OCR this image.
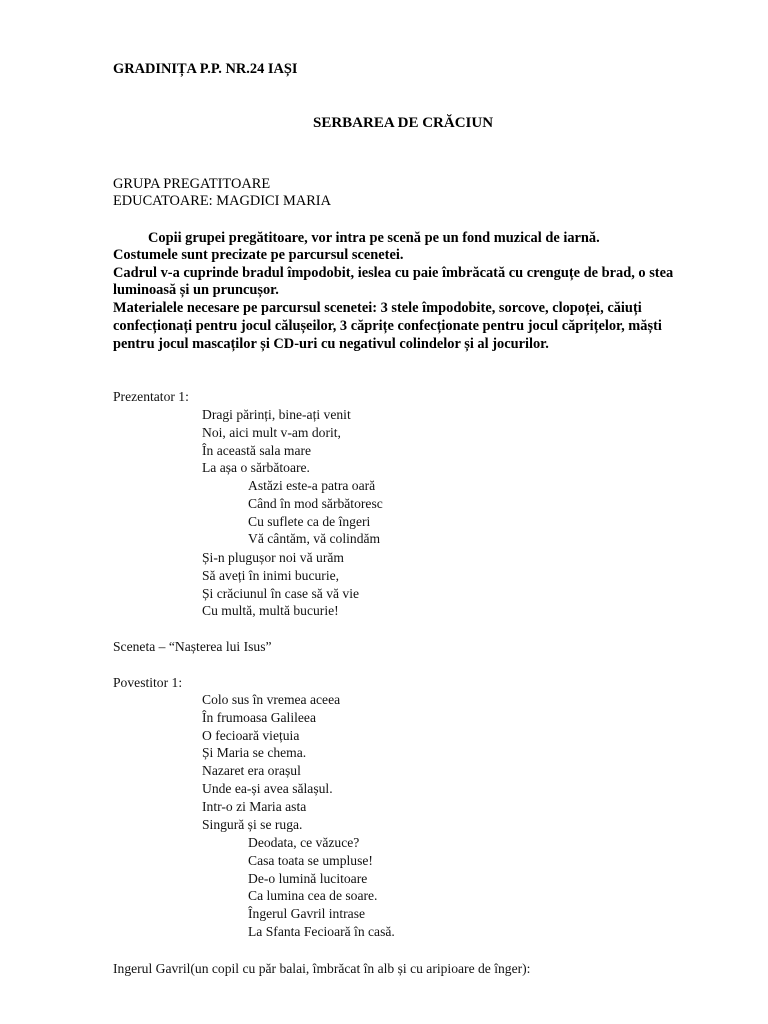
GRADINIȚA P.P. NR.24 IAȘI
SERBAREA DE CRĂCIUN
GRUPA PREGATITOARE
EDUCATOARE: MAGDICI MARIA
Copii grupei pregătitoare, vor intra pe scenă pe un fond muzical de iarnă.
Costumele sunt precizate pe parcursul scenetei.
Cadrul v-a cuprinde bradul împodobit, ieslea cu paie îmbrăcată cu crenguțe de brad, o stea
luminoasă și un pruncușor.
Materialele necesare pe parcursul scenetei: 3 stele împodobite, sorcove, clopoței, căiuți
confecționați pentru jocul călușeilor, 3 căprițe confecționate pentru jocul căprițelor, măști
pentru jocul mascaților și CD-uri cu negativul colindelor și al jocurilor.
Prezentator 1:
Dragi părinți, bine-ați venit
Noi, aici mult v-am dorit,
În această sala mare
La așa o sărbătoare.
Astăzi este-a patra oară
Când în mod sărbătoresc
Cu suflete ca de îngeri
Vă cântăm, vă colindăm
Și-n plugușor noi vă urăm
Să aveți în inimi bucurie,
Și crăciunul în case să vă vie
Cu multă, multă bucurie!
Sceneta – “Nașterea lui Isus”
Povestitor 1:
Colo sus în vremea aceea
În frumoasa Galileea
O fecioară viețuia
Și Maria se chema.
Nazaret era orașul
Unde ea-și avea sălașul.
Intr-o zi Maria asta
Singură și se ruga.
Deodata, ce văzuce?
Casa toata se umpluse!
De-o lumină lucitoare
Ca lumina cea de soare.
Îngerul Gavril intrase
La Sfanta Fecioară în casă.
Ingerul Gavril(un copil cu păr balai, îmbrăcat în alb și cu aripioare de înger):
